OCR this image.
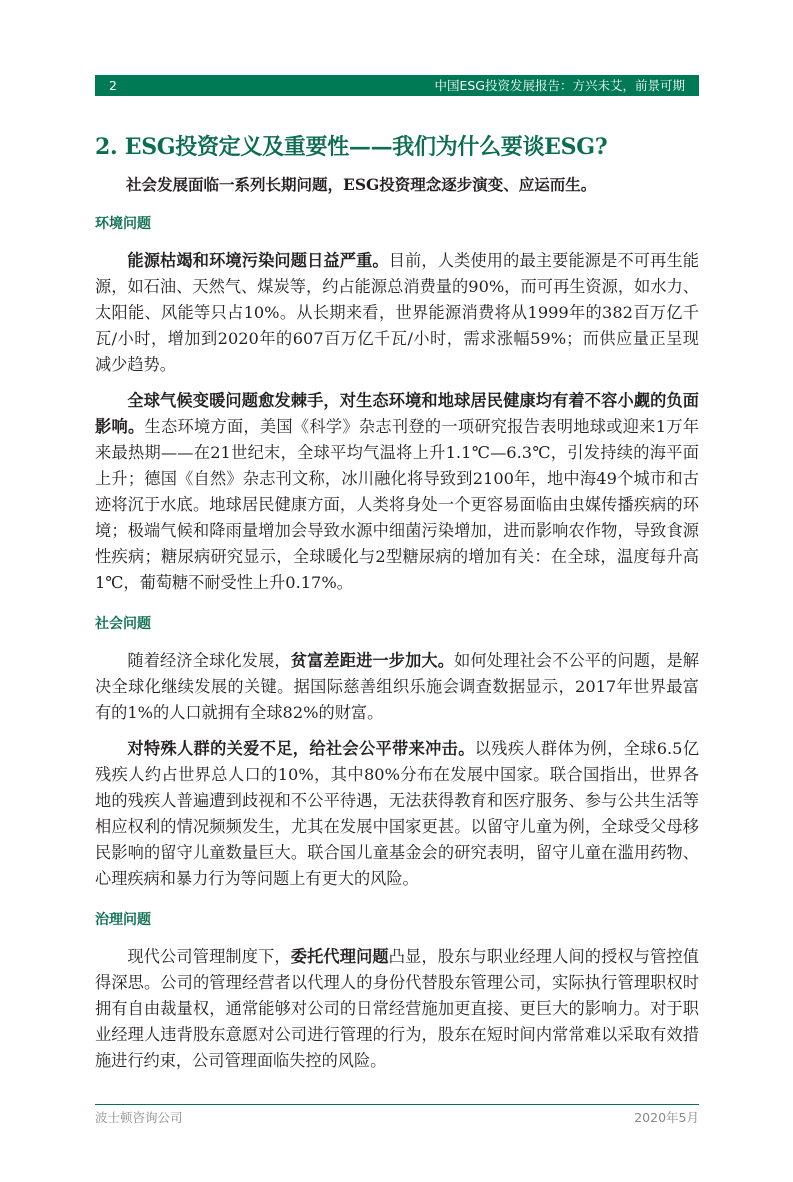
2	中国ESG投资发展报告：方兴未艾，前景可期
2. ESG投资定义及重要性——我们为什么要谈ESG?
社会发展面临一系列长期问题，ESG投资理念逐步演变、应运而生。
环境问题

能源枯竭和环境污染问题日益严重。目前，人类使用的最主要能源是不可再生能源，如石油、天然气、煤炭等，约占能源总消费量的90%，而可再生资源，如水力、太阳能、风能等只占10%。从长期来看，世界能源消费将从1999年的382百万亿千瓦/小时，增加到2020年的607百万亿千瓦/小时，需求涨幅59%；而供应量正呈现减少趋势。

全球气候变暖问题愈发棘手，对生态环境和地球居民健康均有着不容小觑的负面影响。生态环境方面，美国《科学》杂志刊登的一项研究报告表明地球或迎来1万年来最热期——在21世纪末，全球平均气温将上升1.1℃—6.3℃，引发持续的海平面上升；德国《自然》杂志刊文称，冰川融化将导致到2100年，地中海49个城市和古迹将沉于水底。地球居民健康方面，人类将身处一个更容易面临由虫媒传播疾病的环境；极端气候和降雨量增加会导致水源中细菌污染增加，进而影响农作物，导致食源性疾病；糖尿病研究显示，全球暖化与2型糖尿病的增加有关：在全球，温度每升高1℃，葡萄糖不耐受性上升0.17%。

社会问题

随着经济全球化发展，贫富差距进一步加大。如何处理社会不公平的问题，是解决全球化继续发展的关键。据国际慈善组织乐施会调查数据显示，2017年世界最富有的1%的人口就拥有全球82%的财富。

对特殊人群的关爱不足，给社会公平带来冲击。以残疾人群体为例，全球6.5亿残疾人约占世界总人口的10%，其中80%分布在发展中国家。联合国指出，世界各地的残疾人普遍遭到歧视和不公平待遇，无法获得教育和医疗服务、参与公共生活等相应权利的情况频频发生，尤其在发展中国家更甚。以留守儿童为例，全球受父母移民影响的留守儿童数量巨大。联合国儿童基金会的研究表明，留守儿童在滥用药物、心理疾病和暴力行为等问题上有更大的风险。

治理问题

现代公司管理制度下，委托代理问题凸显，股东与职业经理人间的授权与管控值得深思。公司的管理经营者以代理人的身份代替股东管理公司，实际执行管理职权时拥有自由裁量权，通常能够对公司的日常经营施加更直接、更巨大的影响力。对于职业经理人违背股东意愿对公司进行管理的行为，股东在短时间内常常难以采取有效措施进行约束，公司管理面临失控的风险。

波士顿咨询公司	2020年5月
